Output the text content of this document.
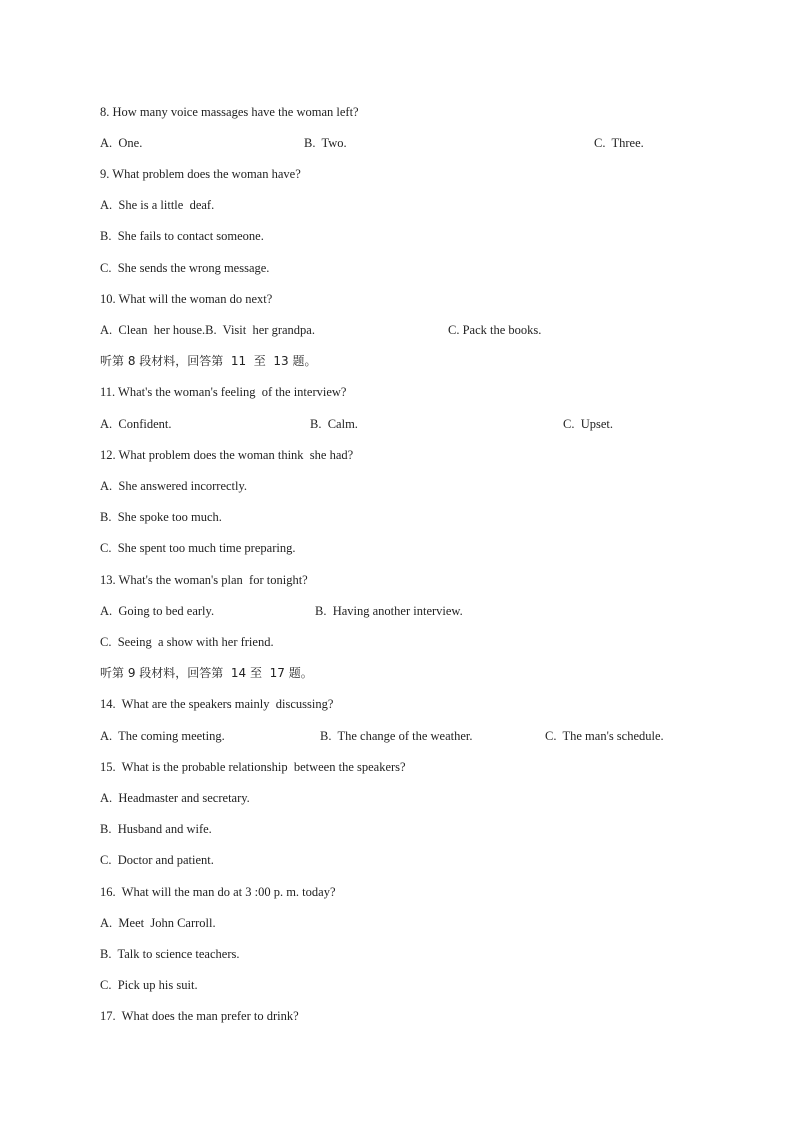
8. How many voice massages have the woman left?
A.  One.	B.  Two.	C.  Three.
9. What problem does the woman have?
A.  She is a little  deaf.
B.  She fails to contact someone.
C.  She sends the wrong message.
10. What will the woman do next?
A.  Clean  her house.B.  Visit  her grandpa.	C. Pack the books.
听第 8 段材料，回答第  11  至  13 题。
11. What's the woman's feeling  of the interview?
A.  Confident.	B.  Calm.	C.  Upset.
12. What problem does the woman think  she had?
A.  She answered incorrectly.
B.  She spoke too much.
C.  She spent too much time preparing.
13. What's the woman's plan  for tonight?
A.  Going to bed early.	B.  Having another interview.
C.  Seeing  a show with her friend.
听第 9 段材料，回答第  14 至  17 题。
14.  What are the speakers mainly  discussing?
A.  The coming meeting.	B.  The change of the weather.	C.  The man's schedule.
15.  What is the probable relationship  between the speakers?
A.  Headmaster and secretary.
B.  Husband and wife.
C.  Doctor and patient.
16.  What will the man do at 3 :00 p. m. today?
A.  Meet  John Carroll.
B.  Talk to science teachers.
C.  Pick up his suit.
17.  What does the man prefer to drink?
